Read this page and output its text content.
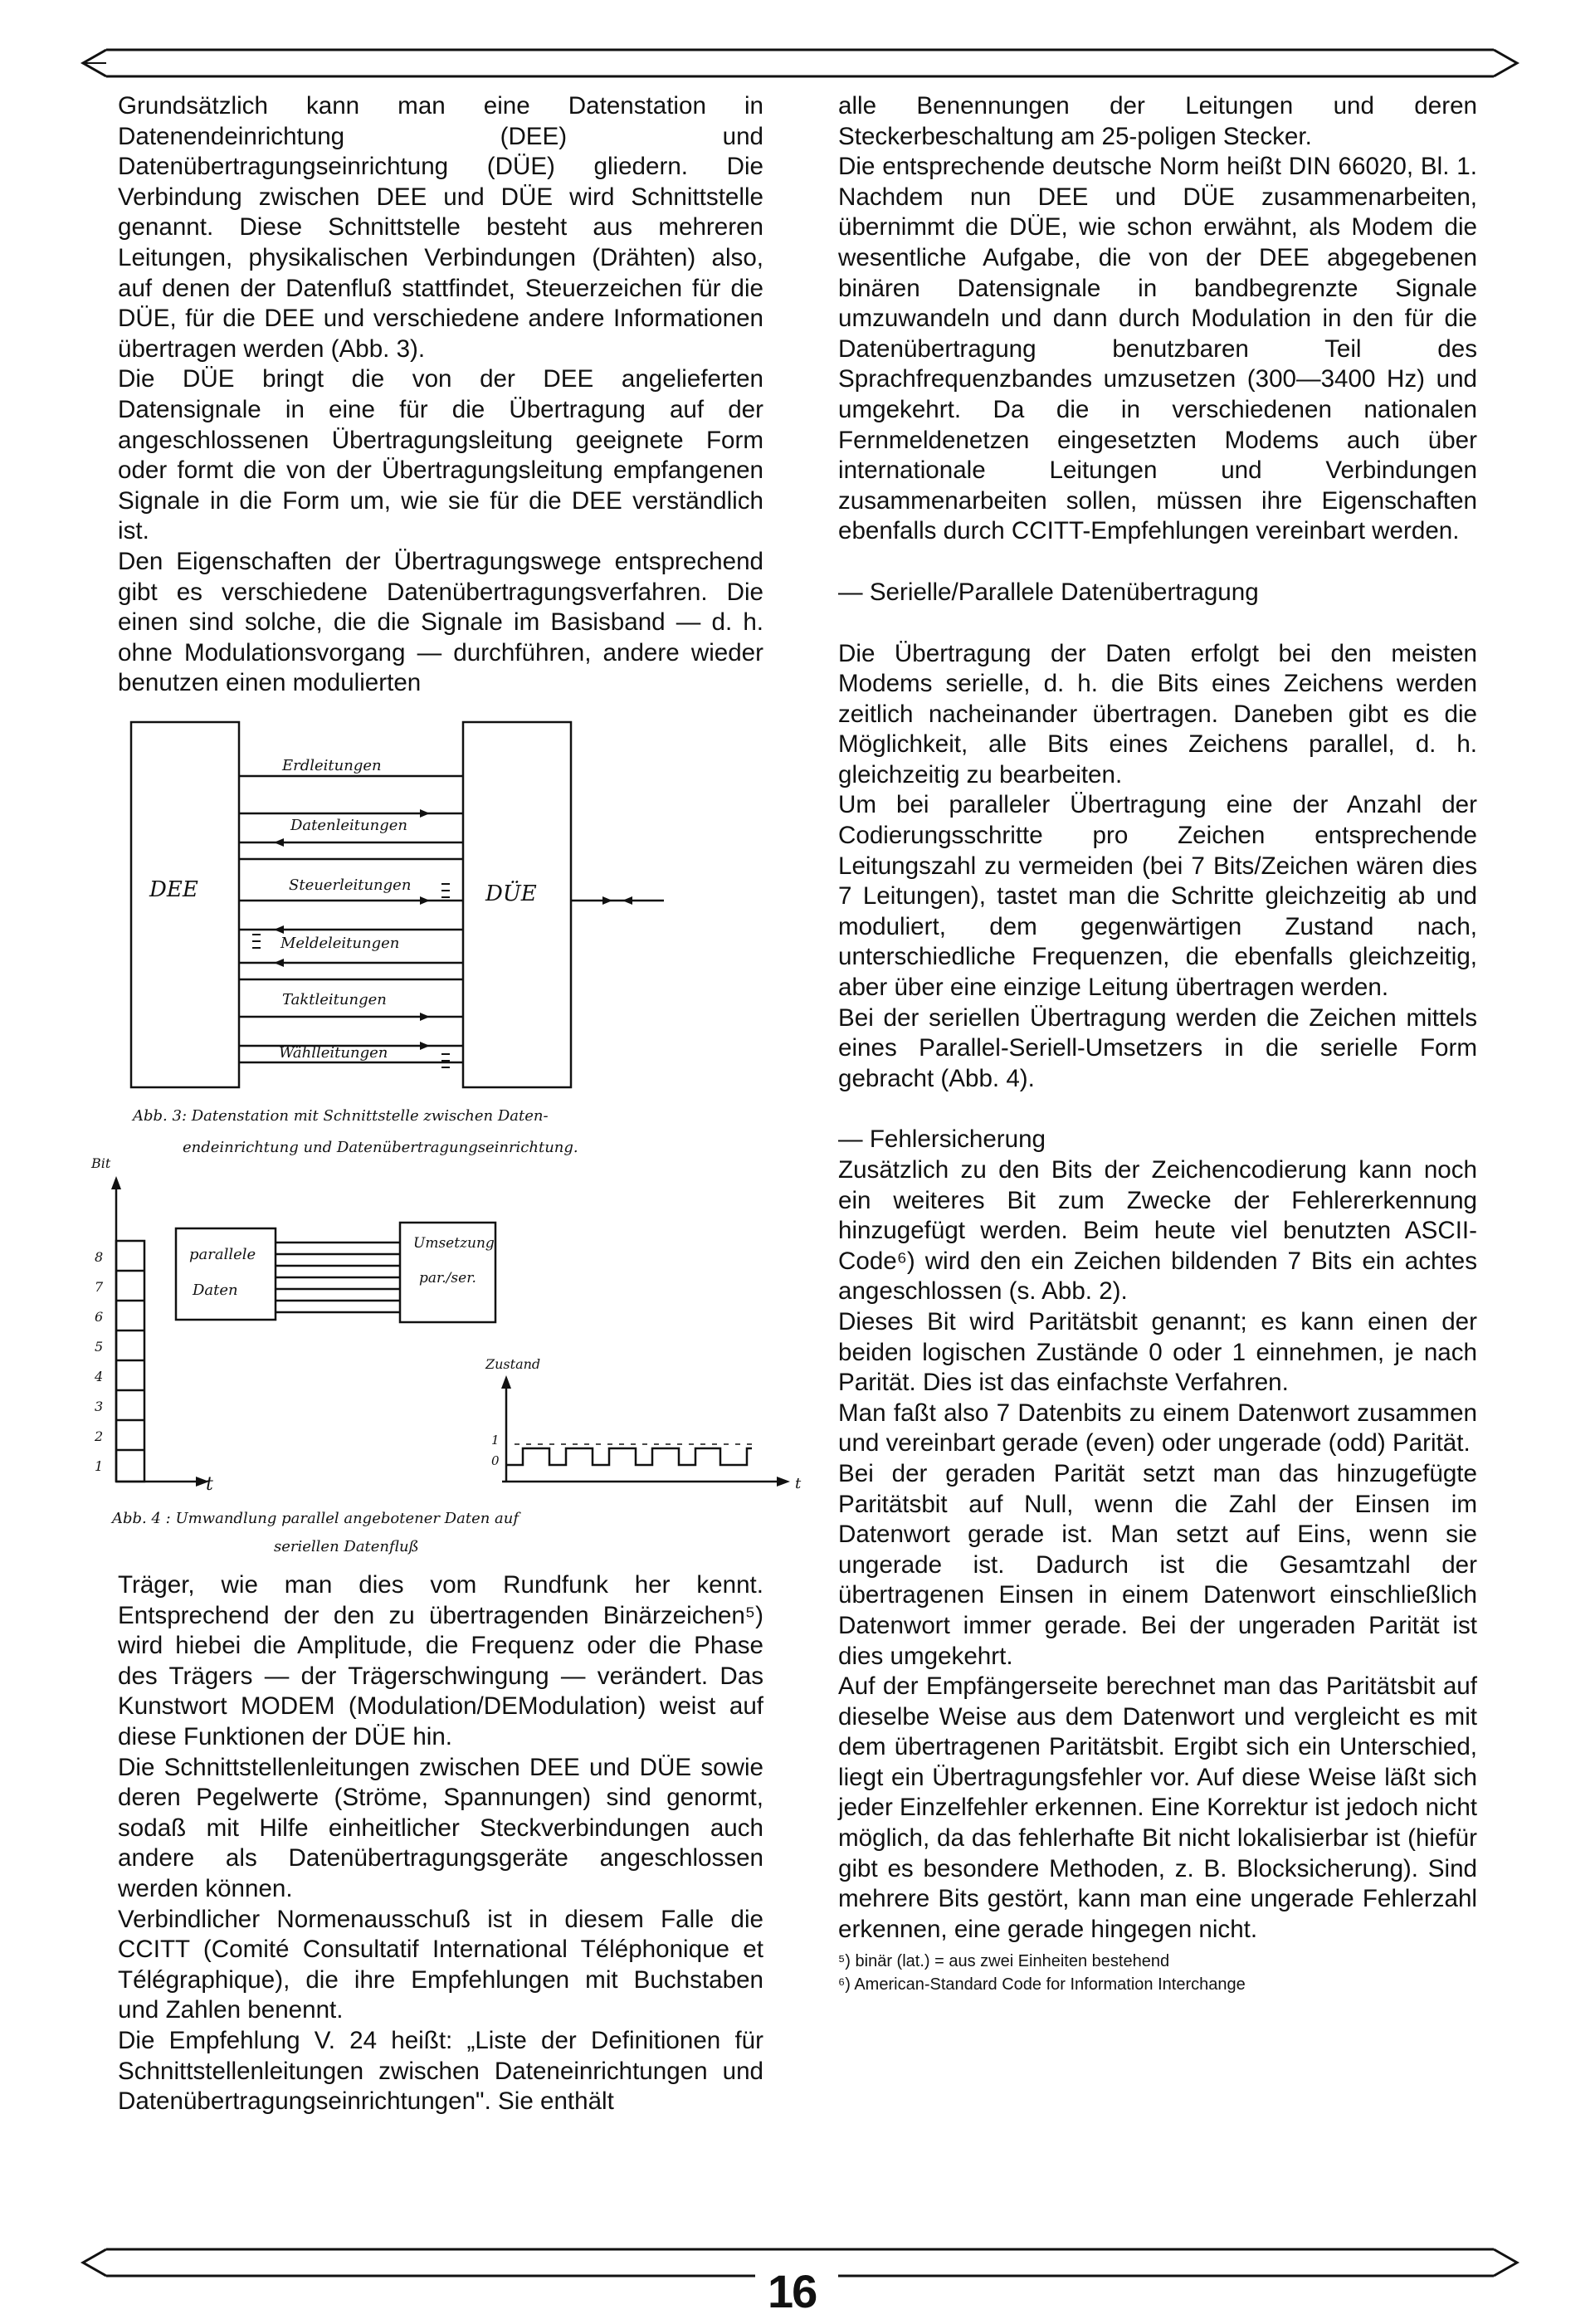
Grundsätzlich kann man eine Datenstation in Datenendeinrichtung (DEE) und Datenübertragungseinrichtung (DÜE) gliedern. Die Verbindung zwischen DEE und DÜE wird Schnittstelle genannt. Diese Schnittstelle besteht aus mehreren Leitungen, physikalischen Verbindungen (Drähten) also, auf denen der Datenfluß stattfindet, Steuerzeichen für die DÜE, für die DEE und verschiedene andere Informationen übertragen werden (Abb. 3).

Die DÜE bringt die von der DEE angelieferten Datensignale in eine für die Übertragung auf der angeschlossenen Übertragungsleitung geeignete Form oder formt die von der Übertragungsleitung empfangenen Signale in die Form um, wie sie für die DEE verständlich ist.

Den Eigenschaften der Übertragungswege entsprechend gibt es verschiedene Datenübertragungsverfahren. Die einen sind solche, die die Signale im Basisband — d. h. ohne Modulationsvorgang — durchführen, andere wieder benutzen einen modulierten

DEE	DÜE
Erdleitungen
Datenleitungen
Steuerleitungen
Meldeleitungen
Taktleitungen
Wählleitungen
Abb. 3: Datenstation mit Schnittstelle zwischen Daten-
endeinrichtung und Datenübertragungseinrichtung.
Bit
8
7
6
5
4
3
2
1
t
parallele
Daten
Umsetzung
par./ser.
Zustand
1
0
t
Abb. 4 : Umwandlung parallel angebotener Daten auf
seriellen Datenfluß

Träger, wie man dies vom Rundfunk her kennt. Entsprechend der den zu übertragenden Binärzeichen⁵) wird hiebei die Amplitude, die Frequenz oder die Phase des Trägers — der Trägerschwingung — verändert. Das Kunstwort MODEM (Modulation/DEModulation) weist auf diese Funktionen der DÜE hin.

Die Schnittstellenleitungen zwischen DEE und DÜE sowie deren Pegelwerte (Ströme, Spannungen) sind genormt, sodaß mit Hilfe einheitlicher Steckverbindungen auch andere als Datenübertragungsgeräte angeschlossen werden können.

Verbindlicher Normenausschuß ist in diesem Falle die CCITT (Comité Consultatif International Téléphonique et Télégraphique), die ihre Empfehlungen mit Buchstaben und Zahlen benennt.

Die Empfehlung V. 24 heißt: „Liste der Definitionen für Schnittstellenleitungen zwischen Dateneinrichtungen und Datenübertragungseinrichtungen". Sie enthält

alle Benennungen der Leitungen und deren Steckerbeschaltung am 25-poligen Stecker.

Die entsprechende deutsche Norm heißt DIN 66020, Bl. 1. Nachdem nun DEE und DÜE zusammenarbeiten, übernimmt die DÜE, wie schon erwähnt, als Modem die wesentliche Aufgabe, die von der DEE abgegebenen binären Datensignale in bandbegrenzte Signale umzuwandeln und dann durch Modulation in den für die Datenübertragung benutzbaren Teil des Sprachfrequenzbandes umzusetzen (300—3400 Hz) und umgekehrt. Da die in verschiedenen nationalen Fernmeldenetzen eingesetzten Modems auch über internationale Leitungen und Verbindungen zusammenarbeiten sollen, müssen ihre Eigenschaften ebenfalls durch CCITT-Empfehlungen vereinbart werden.

— Serielle/Parallele Datenübertragung

Die Übertragung der Daten erfolgt bei den meisten Modems serielle, d. h. die Bits eines Zeichens werden zeitlich nacheinander übertragen. Daneben gibt es die Möglichkeit, alle Bits eines Zeichens parallel, d. h. gleichzeitig zu bearbeiten.

Um bei paralleler Übertragung eine der Anzahl der Codierungsschritte pro Zeichen entsprechende Leitungszahl zu vermeiden (bei 7 Bits/Zeichen wären dies 7 Leitungen), tastet man die Schritte gleichzeitig ab und moduliert, dem gegenwärtigen Zustand nach, unterschiedliche Frequenzen, die ebenfalls gleichzeitig, aber über eine einzige Leitung übertragen werden.

Bei der seriellen Übertragung werden die Zeichen mittels eines Parallel-Seriell-Umsetzers in die serielle Form gebracht (Abb. 4).

— Fehlersicherung

Zusätzlich zu den Bits der Zeichencodierung kann noch ein weiteres Bit zum Zwecke der Fehlererkennung hinzugefügt werden. Beim heute viel benutzten ASCII-Code⁶) wird den ein Zeichen bildenden 7 Bits ein achtes angeschlossen (s. Abb. 2).

Dieses Bit wird Paritätsbit genannt; es kann einen der beiden logischen Zustände 0 oder 1 einnehmen, je nach Parität. Dies ist das einfachste Verfahren.

Man faßt also 7 Datenbits zu einem Datenwort zusammen und vereinbart gerade (even) oder ungerade (odd) Parität.

Bei der geraden Parität setzt man das hinzugefügte Paritätsbit auf Null, wenn die Zahl der Einsen im Datenwort gerade ist. Man setzt auf Eins, wenn sie ungerade ist. Dadurch ist die Gesamtzahl der übertragenen Einsen in einem Datenwort einschließlich Datenwort immer gerade. Bei der ungeraden Parität ist dies umgekehrt.

Auf der Empfängerseite berechnet man das Paritätsbit auf dieselbe Weise aus dem Datenwort und vergleicht es mit dem übertragenen Paritätsbit. Ergibt sich ein Unterschied, liegt ein Übertragungsfehler vor. Auf diese Weise läßt sich jeder Einzelfehler erkennen. Eine Korrektur ist jedoch nicht möglich, da das fehlerhafte Bit nicht lokalisierbar ist (hiefür gibt es besondere Methoden, z. B. Blocksicherung). Sind mehrere Bits gestört, kann man eine ungerade Fehlerzahl erkennen, eine gerade hingegen nicht.

⁵) binär (lat.) = aus zwei Einheiten bestehend

⁶) American-Standard Code for Information Interchange

16
